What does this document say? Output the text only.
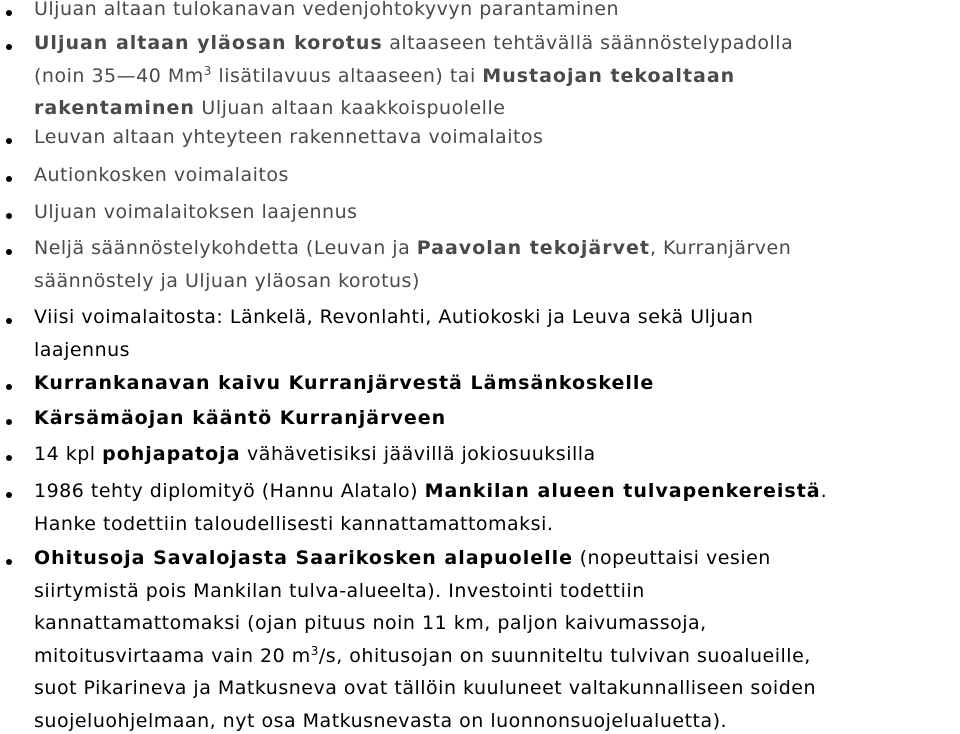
Uljuan altaan tulokanavan vedenjohtokyvyn parantaminen
Uljuan altaan yläosan korotus altaaseen tehtävällä säännöstelypadolla
(noin 35—40 Mm$^3$ lisätilavuus altaaseen) tai Mustaojan tekoaltaan
rakentaminen Uljuan altaan kaakkoispuolelle
Leuvan altaan yhteyteen rakennettava voimalaitos
Autionkosken voimalaitos
Uljuan voimalaitoksen laajennus
Neljä säännöstelykohdetta (Leuvan ja Paavolan tekojärvet, Kurranjärven
säännöstely ja Uljuan yläosan korotus)
Viisi voimalaitosta: Länkelä, Revonlahti, Autiokoski ja Leuva sekä Uljuan
laajennus
Kurrankanavan kaivu Kurranjärvestä Lämsänkoskelle
Kärsämäojan kääntö Kurranjärveen
14 kpl pohjapatoja vähävetisiksi jäävillä jokiosuuksilla
1986 tehty diplomityö (Hannu Alatalo) Mankilan alueen tulvapenkereistä.
Hanke todettiin taloudellisesti kannattamattomaksi.
Ohitusoja Savalojasta Saarikosken alapuolelle (nopeuttaisi vesien
siirtymistä pois Mankilan tulva-alueelta). Investointi todettiin
kannattamattomaksi (ojan pituus noin 11 km, paljon kaivumassoja,
mitoitusvirtaama vain 20 $m^3/s$, ohitusojan on suunniteltu tulvivan suoalueille,
suot Pikarineva ja Matkusneva ovat tällöin kuuluneet valtakunnalliseen soiden
suojeluohjelmaan, nyt osa Matkusnevasta on luonnonsuojelualuetta).
